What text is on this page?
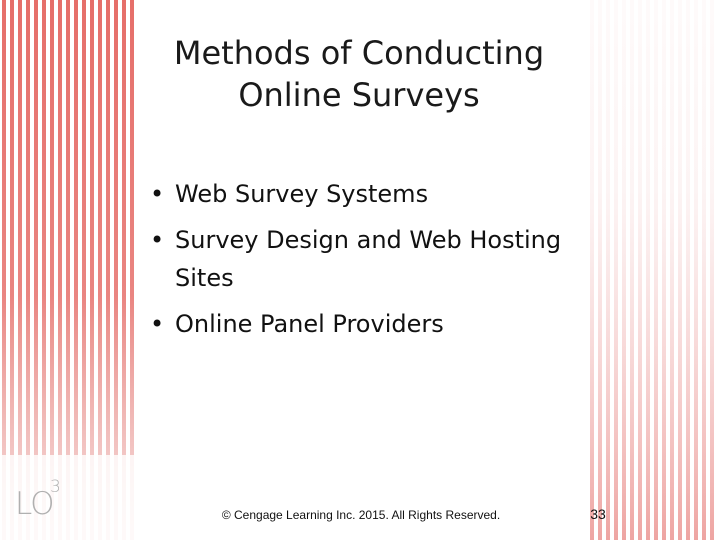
Methods of Conducting
Online Surveys
• Web Survey Systems
• Survey Design and Web Hosting Sites
• Online Panel Providers
LO
3
© Cengage Learning Inc. 2015. All Rights Reserved.	33
